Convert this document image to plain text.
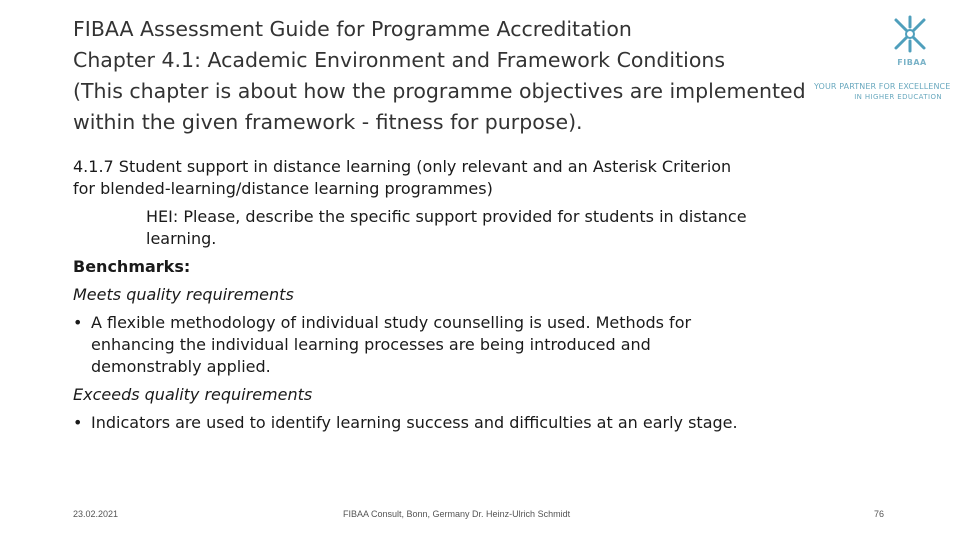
FIBAA Assessment Guide for Programme Accreditation
Chapter 4.1: Academic Environment and Framework Conditions
(This chapter is about how the programme objectives are implemented
within the given framework - fitness for purpose).
FIBAA
YOUR PARTNER FOR EXCELLENCE
IN HIGHER EDUCATION
4.1.7 Student support in distance learning (only relevant and an Asterisk Criterion
for blended-learning/distance learning programmes)
HEI: Please, describe the specific support provided for students in distance
learning.
Benchmarks:
Meets quality requirements
• A flexible methodology of individual study counselling is used. Methods for
enhancing the individual learning processes are being introduced and
demonstrably applied.
Exceeds quality requirements
• Indicators are used to identify learning success and difficulties at an early stage.
23.02.2021	FIBAA Consult, Bonn, Germany Dr. Heinz-Ulrich Schmidt	76
